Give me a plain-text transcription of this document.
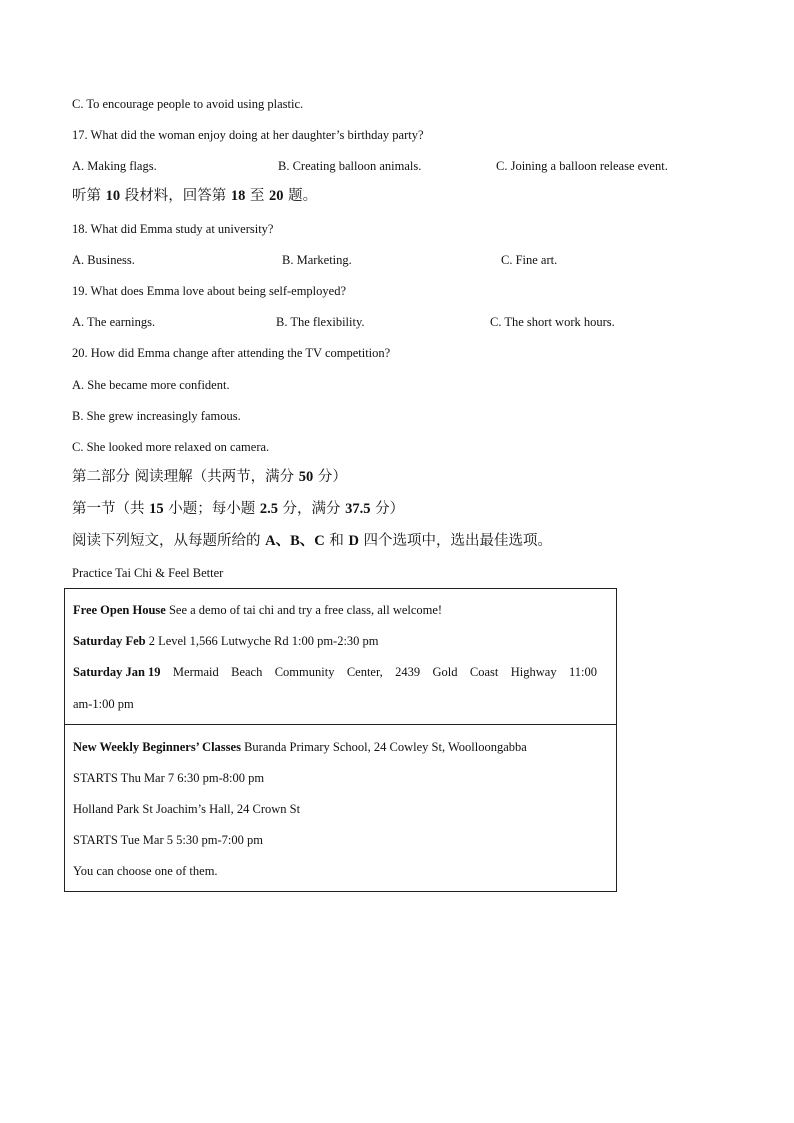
C. To encourage people to avoid using plastic.
17. What did the woman enjoy doing at her daughter’s birthday party?
A. Making flags.	B. Creating balloon animals.	C. Joining a balloon release event.
听第 10 段材料，回答第 18 至 20 题。
18. What did Emma study at university?
A. Business.	B. Marketing.	C. Fine art.
19. What does Emma love about being self-employed?
A. The earnings.	B. The flexibility.	C. The short work hours.
20. How did Emma change after attending the TV competition?
A. She became more confident.
B. She grew increasingly famous.
C. She looked more relaxed on camera.
第二部分 阅读理解（共两节，满分 50 分）
第一节（共 15 小题；每小题 2.5 分，满分 37.5 分）
阅读下列短文，从每题所给的 A、B、C 和 D 四个选项中，选出最佳选项。
Practice Tai Chi & Feel Better
Free Open House See a demo of tai chi and try a free class, all welcome!
Saturday Feb 2 Level 1,566 Lutwyche Rd 1:00 pm-2:30 pm
Saturday Jan 19 Mermaid Beach Community Center, 2439 Gold Coast Highway 11:00
am-1:00 pm
New Weekly Beginners’ Classes Buranda Primary School, 24 Cowley St, Woolloongabba
STARTS Thu Mar 7 6:30 pm-8:00 pm
Holland Park St Joachim’s Hall, 24 Crown St
STARTS Tue Mar 5 5:30 pm-7:00 pm
You can choose one of them.
